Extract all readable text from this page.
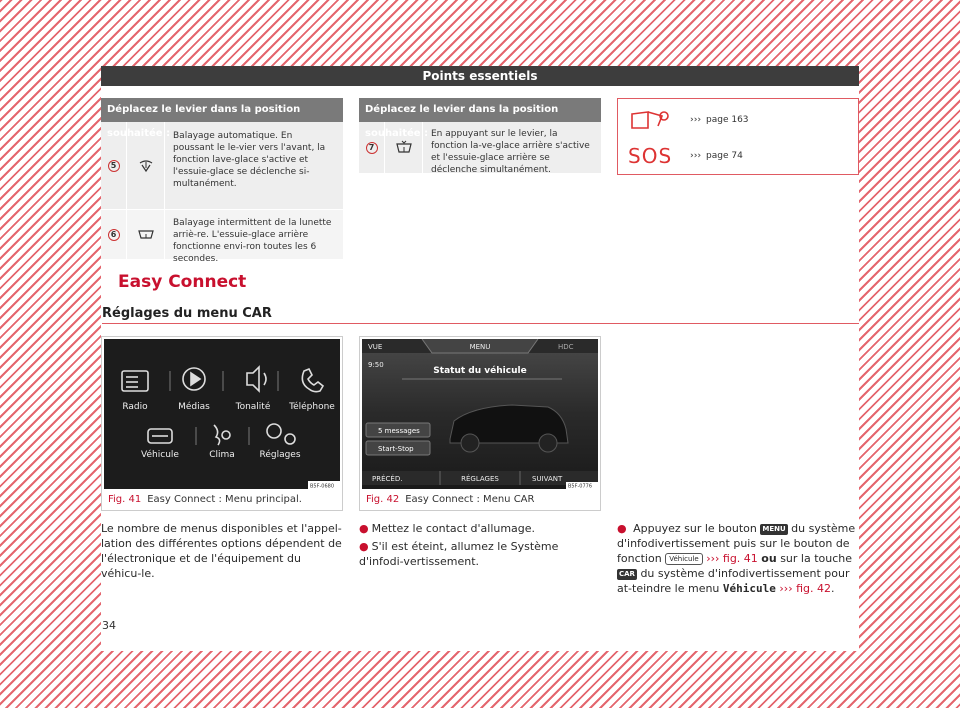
Points essentiels
Déplacez le levier dans la position souhaitée :
5
Balayage automatique. En poussant le le-vier vers l'avant, la fonction lave-glace s'active et l'essuie-glace se déclenche si-multanément.
6
Balayage intermittent de la lunette arriè-re. L'essuie-glace arrière fonctionne envi-ron toutes les 6 secondes.
Déplacez le levier dans la position souhaitée :
7
En appuyant sur le levier, la fonction la-ve-glace arrière s'active et l'essuie-glace arrière se déclenche simultanément.
››› page 163
SOS ››› page 74
Easy Connect
Réglages du menu CAR
Radio	Médias	Tonalité Téléphone
Véhicule	Clima	Réglages
B5F-0680
Fig. 41 Easy Connect : Menu principal.
VUE	MENU	HDC
9:50
Statut du véhicule
5 messages
Start-Stop
PRÉCÉD.	RÉGLAGES	SUIVANT
B5F-0776
Fig. 42 Easy Connect : Menu CAR
Le nombre de menus disponibles et l'appel-lation des différentes options dépendent de l'électronique et de l'équipement du véhicu-le.
● Mettez le contact d'allumage.
● S'il est éteint, allumez le Système d'infodi-vertissement.
● Appuyez sur le bouton MENU du système d'infodivertissement puis sur le bouton de fonction Véhicule ››› fig. 41 ou sur la touche CAR du système d'infodivertissement pour at-teindre le menu Véhicule ››› fig. 42.
34
